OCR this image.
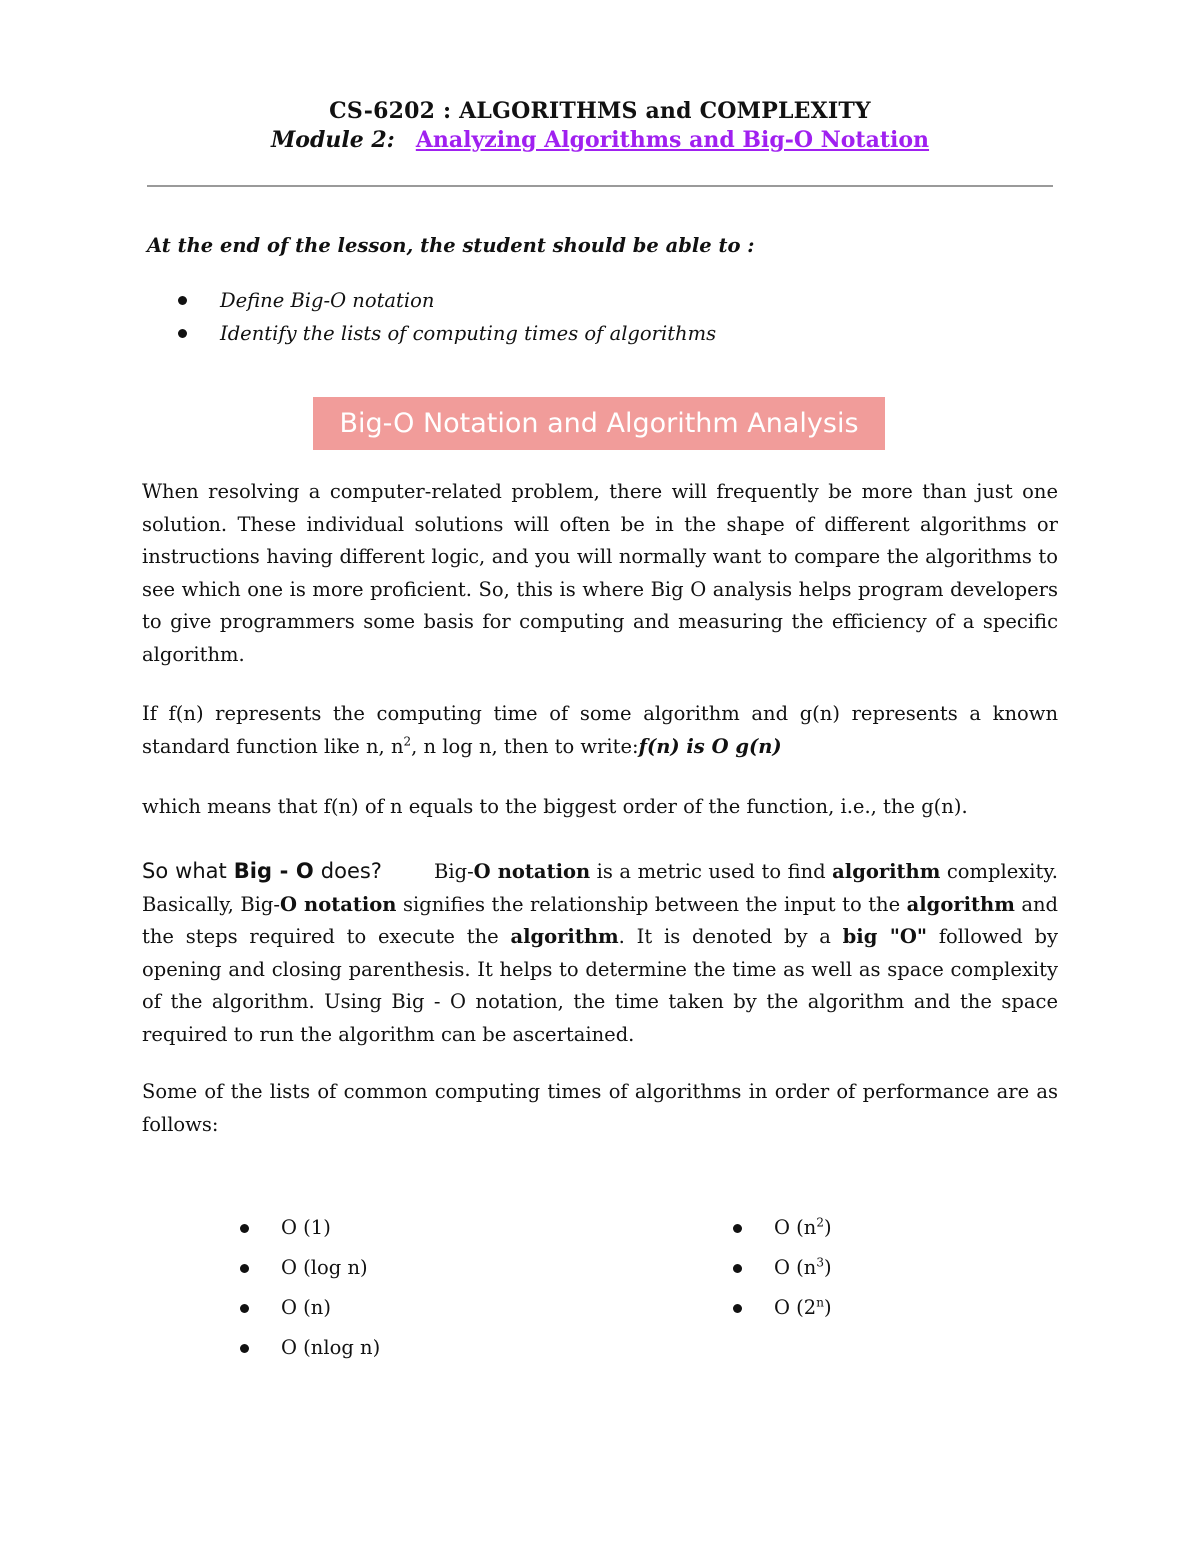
CS-6202 : ALGORITHMS and COMPLEXITY

Module 2: Analyzing Algorithms and Big-O Notation

At the end of the lesson, the student should be able to :

Define Big-O notation
Identify the lists of computing times of algorithms
Big-O Notation and Algorithm Analysis

When resolving a computer-related problem, there will frequently be more than just one solution. These individual solutions will often be in the shape of different algorithms or instructions having different logic, and you will normally want to compare the algorithms to see which one is more proficient. So, this is where Big O analysis helps program developers to give programmers some basis for computing and measuring the efficiency of a specific algorithm.

If f(n) represents the computing time of some algorithm and g(n) represents a known standard function like n, $n^2$, n log n, then to write:f(n) is O g(n)

which means that f(n) of n equals to the biggest order of the function, i.e., the g(n).

So what Big - O does?	Big-O notation is a metric used to find algorithm complexity. Basically, Big-O notation signifies the relationship between the input to the algorithm and the steps required to execute the algorithm. It is denoted by a big "O" followed by opening and closing parenthesis. It helps to determine the time as well as space complexity of the algorithm. Using Big - O notation, the time taken by the algorithm and the space required to run the algorithm can be ascertained.

Some of the lists of common computing times of algorithms in order of performance are as follows:

O (1)
O (log n)
O (n)
O (nlog n)
O $(n^2)$
O $(n^3)$
O (2$^n$)
